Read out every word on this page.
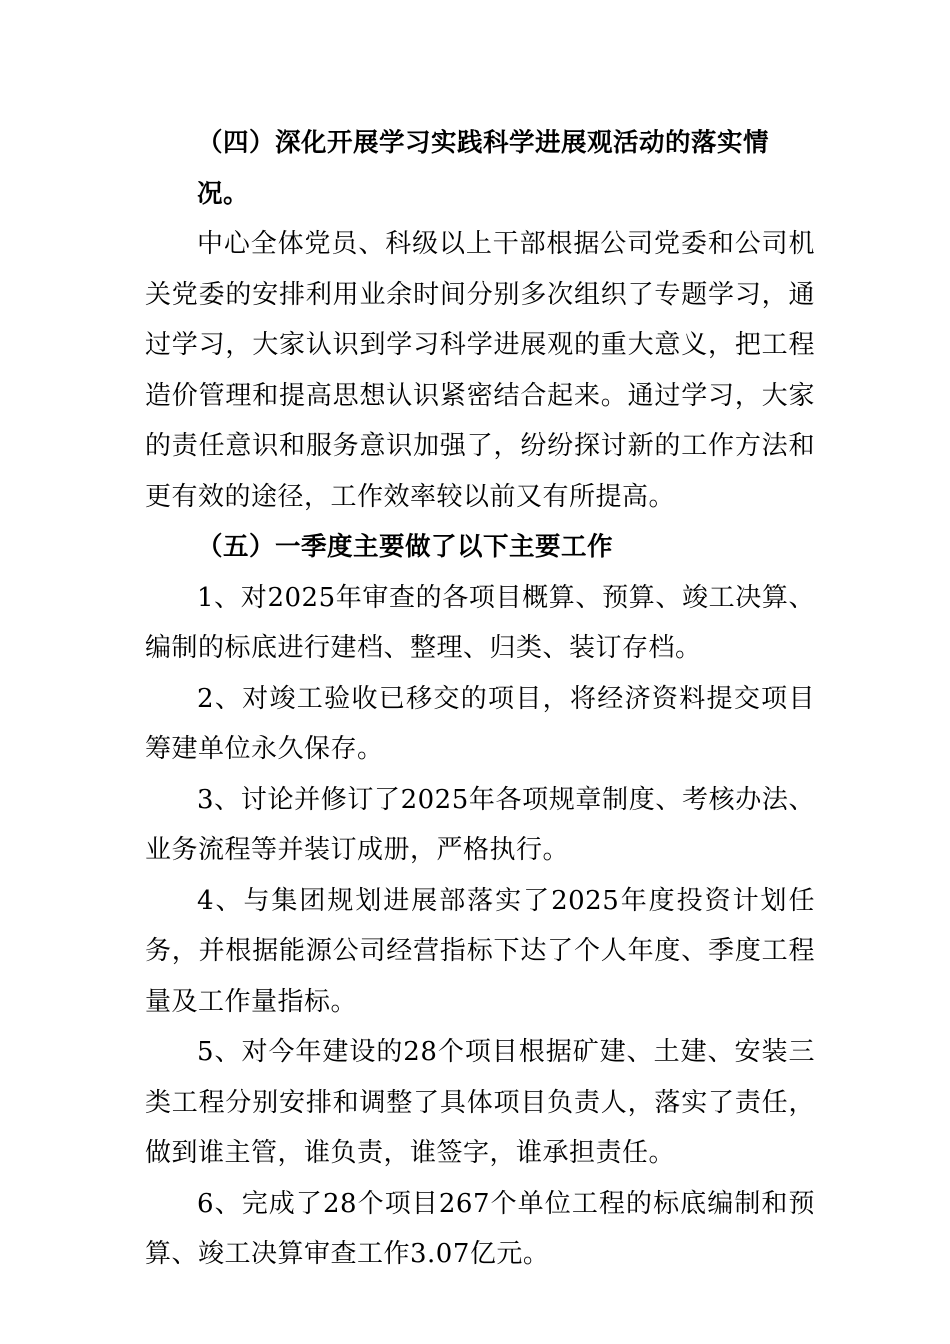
（四）深化开展学习实践科学进展观活动的落实情况。

中心全体党员、科级以上干部根据公司党委和公司机关党委的安排利用业余时间分别多次组织了专题学习，通过学习，大家认识到学习科学进展观的重大意义，把工程造价管理和提高思想认识紧密结合起来。通过学习，大家的责任意识和服务意识加强了，纷纷探讨新的工作方法和更有效的途径，工作效率较以前又有所提高。

（五）一季度主要做了以下主要工作

1、对2025年审查的各项目概算、预算、竣工决算、编制的标底进行建档、整理、归类、装订存档。

2、对竣工验收已移交的项目，将经济资料提交项目筹建单位永久保存。

3、讨论并修订了2025年各项规章制度、考核办法、业务流程等并装订成册，严格执行。

4、与集团规划进展部落实了2025年度投资计划任务，并根据能源公司经营指标下达了个人年度、季度工程量及工作量指标。

5、对今年建设的28个项目根据矿建、土建、安装三类工程分别安排和调整了具体项目负责人，落实了责任，做到谁主管，谁负责，谁签字，谁承担责任。

6、完成了28个项目267个单位工程的标底编制和预算、竣工决算审查工作3.07亿元。
